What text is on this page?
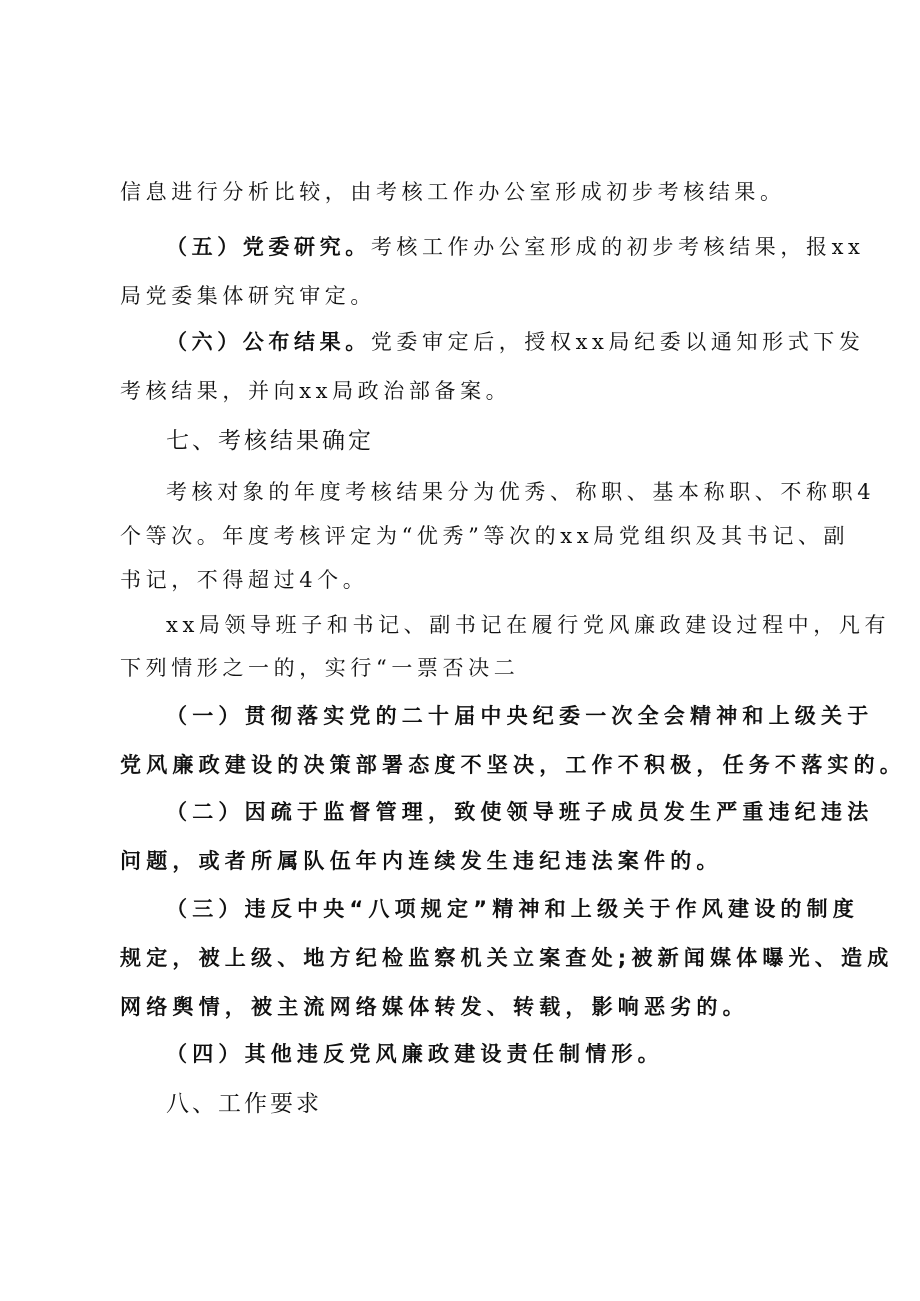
信息进行分析比较，由考核工作办公室形成初步考核结果。
（五）党委研究。考核工作办公室形成的初步考核结果，报xx
局党委集体研究审定。
（六）公布结果。党委审定后，授权xx局纪委以通知形式下发
考核结果，并向xx局政治部备案。
七、考核结果确定
考核对象的年度考核结果分为优秀、称职、基本称职、不称职4
个等次。年度考核评定为“优秀”等次的xx局党组织及其书记、副
书记，不得超过4个。
xx局领导班子和书记、副书记在履行党风廉政建设过程中，凡有
下列情形之一的，实行“一票否决二
（一）贯彻落实党的二十届中央纪委一次全会精神和上级关于
党风廉政建设的决策部署态度不坚决，工作不积极，任务不落实的。
（二）因疏于监督管理，致使领导班子成员发生严重违纪违法
问题，或者所属队伍年内连续发生违纪违法案件的。
（三）违反中央“八项规定”精神和上级关于作风建设的制度
规定，被上级、地方纪检监察机关立案查处;被新闻媒体曝光、造成
网络舆情，被主流网络媒体转发、转载，影响恶劣的。
（四）其他违反党风廉政建设责任制情形。
八、工作要求
